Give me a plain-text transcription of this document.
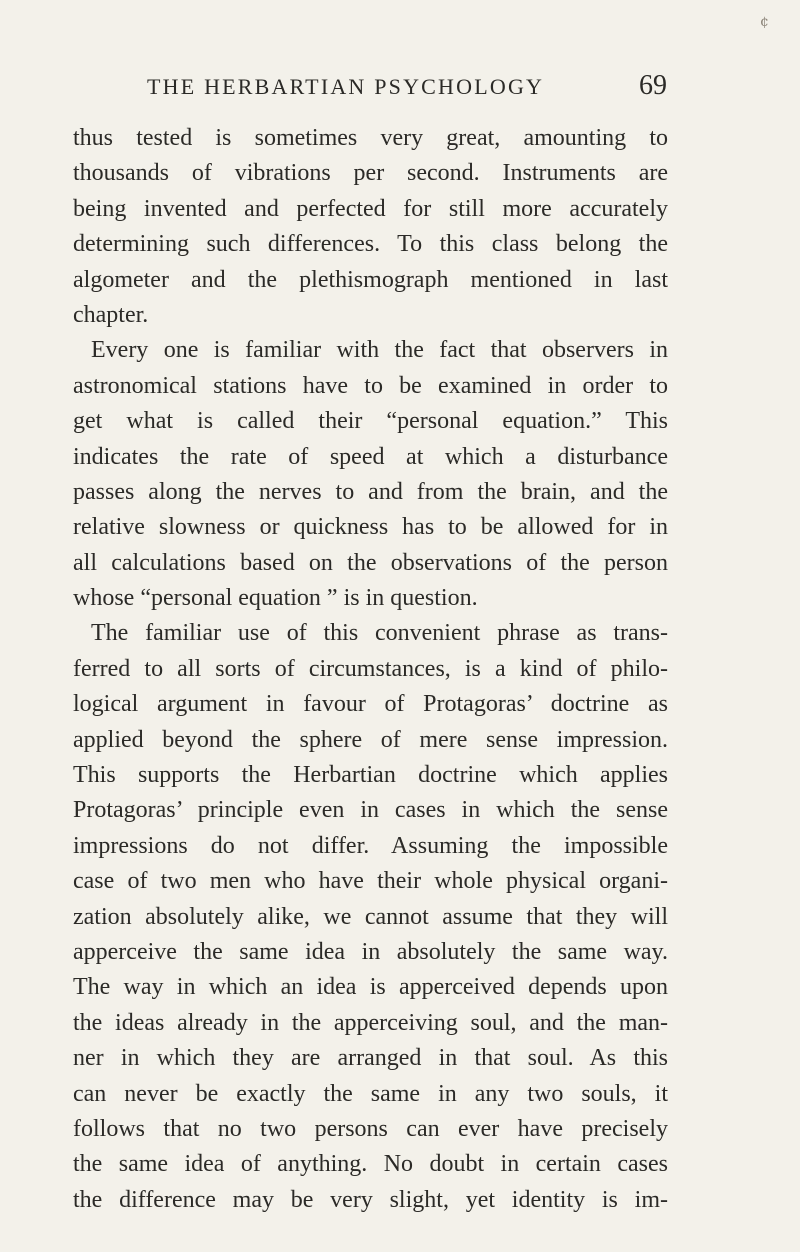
¢
THE HERBARTIAN PSYCHOLOGY	69
thus tested is sometimes very great, amounting to
thousands of vibrations per second. Instruments are
being invented and perfected for still more accurately
determining such differences. To this class belong the
algometer and the plethismograph mentioned in last
chapter.
Every one is familiar with the fact that observers in
astronomical stations have to be examined in order to
get what is called their “personal equation.” This
indicates the rate of speed at which a disturbance
passes along the nerves to and from the brain, and the
relative slowness or quickness has to be allowed for in
all calculations based on the observations of the person
whose “personal equation ” is in question.
The familiar use of this convenient phrase as trans-
ferred to all sorts of circumstances, is a kind of philo-
logical argument in favour of Protagoras’ doctrine as
applied beyond the sphere of mere sense impression.
This supports the Herbartian doctrine which applies
Protagoras’ principle even in cases in which the sense
impressions do not differ. Assuming the impossible
case of two men who have their whole physical organi-
zation absolutely alike, we cannot assume that they will
apperceive the same idea in absolutely the same way.
The way in which an idea is apperceived depends upon
the ideas already in the apperceiving soul, and the man-
ner in which they are arranged in that soul. As this
can never be exactly the same in any two souls, it
follows that no two persons can ever have precisely
the same idea of anything. No doubt in certain cases
the difference may be very slight, yet identity is im-
